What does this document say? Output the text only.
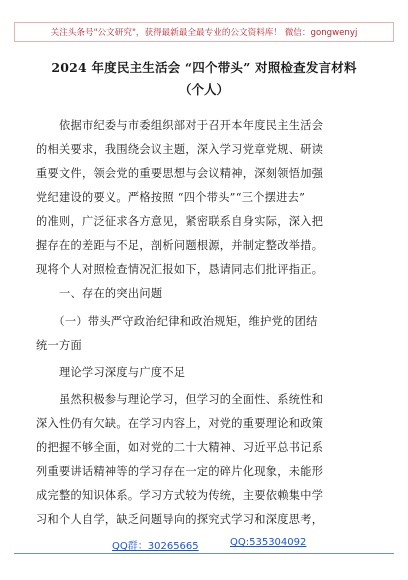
关注头条号"公文研究"，获得最新最全最专业的公文资料库！ 微信：gongwenyj
2024 年度民主生活会 “四个带头” 对照检查发言材料
（个人）
　　依据市纪委与市委组织部对于召开本年度民主生活会
的相关要求，我围绕会议主题，深入学习党章党规、研读
重要文件，领会党的重要思想与会议精神，深刻领悟加强
党纪建设的要义。严格按照 “四个带头”“三个摆进去”
的准则，广泛征求各方意见，紧密联系自身实际，深入把
握存在的差距与不足，剖析问题根源，并制定整改举措。
现将个人对照检查情况汇报如下，恳请同志们批评指正。
　　一、存在的突出问题
　　（一）带头严守政治纪律和政治规矩，维护党的团结
统一方面
　　理论学习深度与广度不足
　　虽然积极参与理论学习，但学习的全面性、系统性和
深入性仍有欠缺。在学习内容上，对党的重要理论和政策
的把握不够全面，如对党的二十大精神、习近平总书记系
列重要讲话精神等的学习存在一定的碎片化现象，未能形
成完整的知识体系。学习方式较为传统，主要依赖集中学
习和个人自学，缺乏问题导向的探究式学习和深度思考，
QQ群：30265665	QQ:535304092
